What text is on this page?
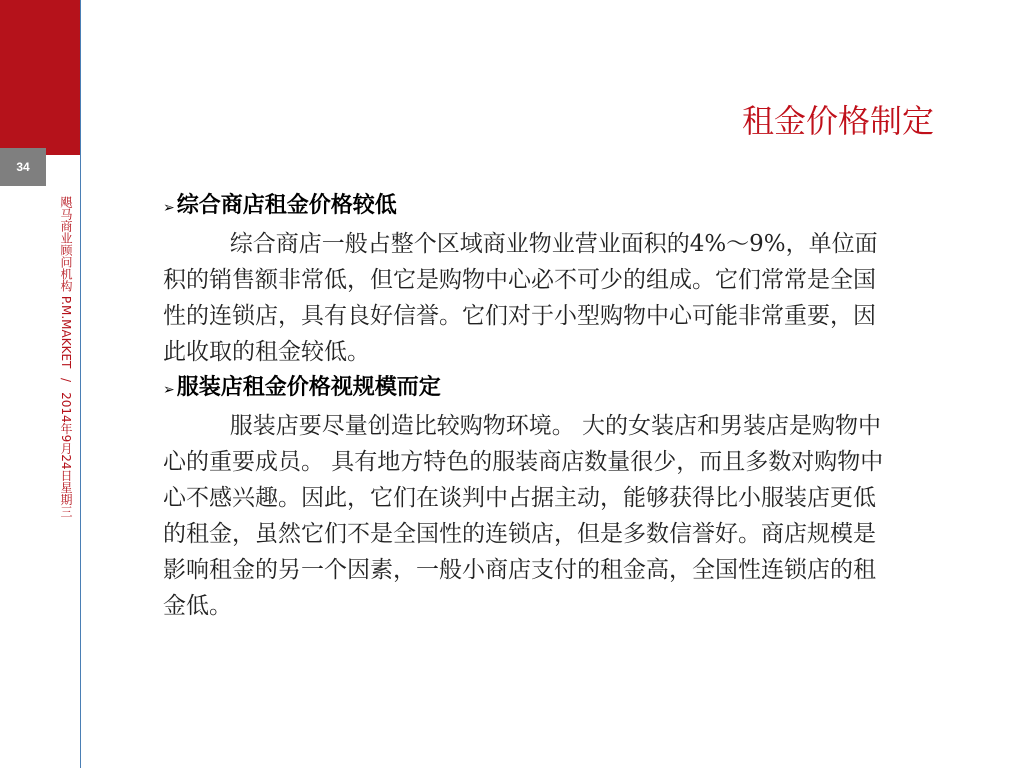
34
飓马商业顾问机构 P.M.MAKKET / 2014年9月24日星期三
租金价格制定
➢ 综合商店租金价格较低

综合商店一般占整个区域商业物业营业面积的4%～9%，单位面积的销售额非常低，但它是购物中心必不可少的组成。它们常常是全国性的连锁店，具有良好信誉。它们对于小型购物中心可能非常重要，因此收取的租金较低。

➢ 服装店租金价格视规模而定

服装店要尽量创造比较购物环境。 大的女装店和男装店是购物中心的重要成员。 具有地方特色的服装商店数量很少，而且多数对购物中心不感兴趣。因此，它们在谈判中占据主动，能够获得比小服装店更低的租金，虽然它们不是全国性的连锁店，但是多数信誉好。商店规模是影响租金的另一个因素，一般小商店支付的租金高，全国性连锁店的租金低。
